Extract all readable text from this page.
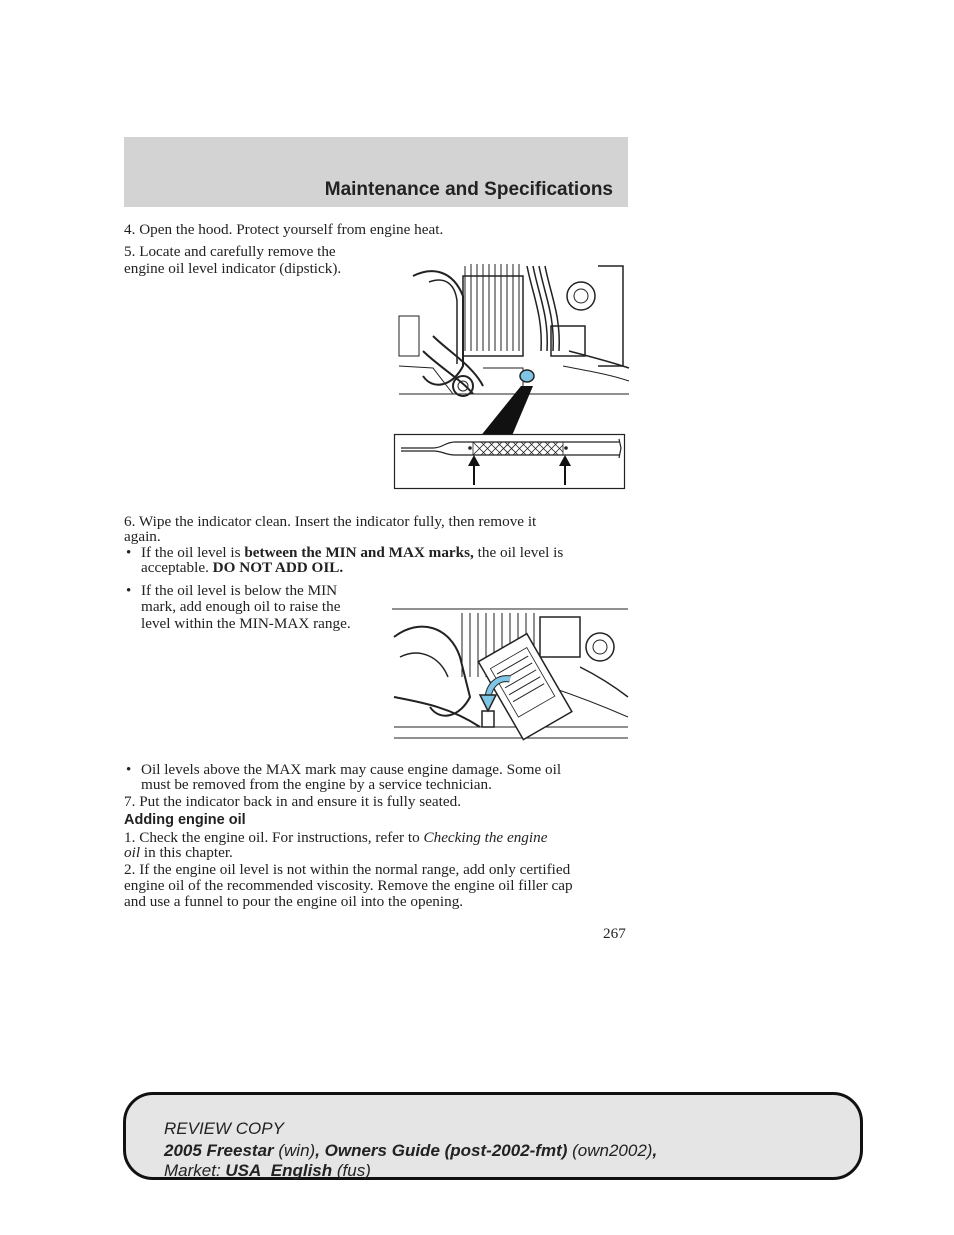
Maintenance and Specifications
4. Open the hood. Protect yourself from engine heat.
5. Locate and carefully remove the
engine oil level indicator (dipstick).
6. Wipe the indicator clean. Insert the indicator fully, then remove it
again.
• If the oil level is between the MIN and MAX marks, the oil level is
acceptable. DO NOT ADD OIL.
• If the oil level is below the MIN
mark, add enough oil to raise the
level within the MIN-MAX range.
• Oil levels above the MAX mark may cause engine damage. Some oil
must be removed from the engine by a service technician.
7. Put the indicator back in and ensure it is fully seated.
Adding engine oil
1. Check the engine oil. For instructions, refer to Checking the engine
oil in this chapter.
2. If the engine oil level is not within the normal range, add only certified
engine oil of the recommended viscosity. Remove the engine oil filler cap
and use a funnel to pour the engine oil into the opening.
267
REVIEW COPY
2005 Freestar (win), Owners Guide (post-2002-fmt) (own2002),
Market: USA_English (fus)
